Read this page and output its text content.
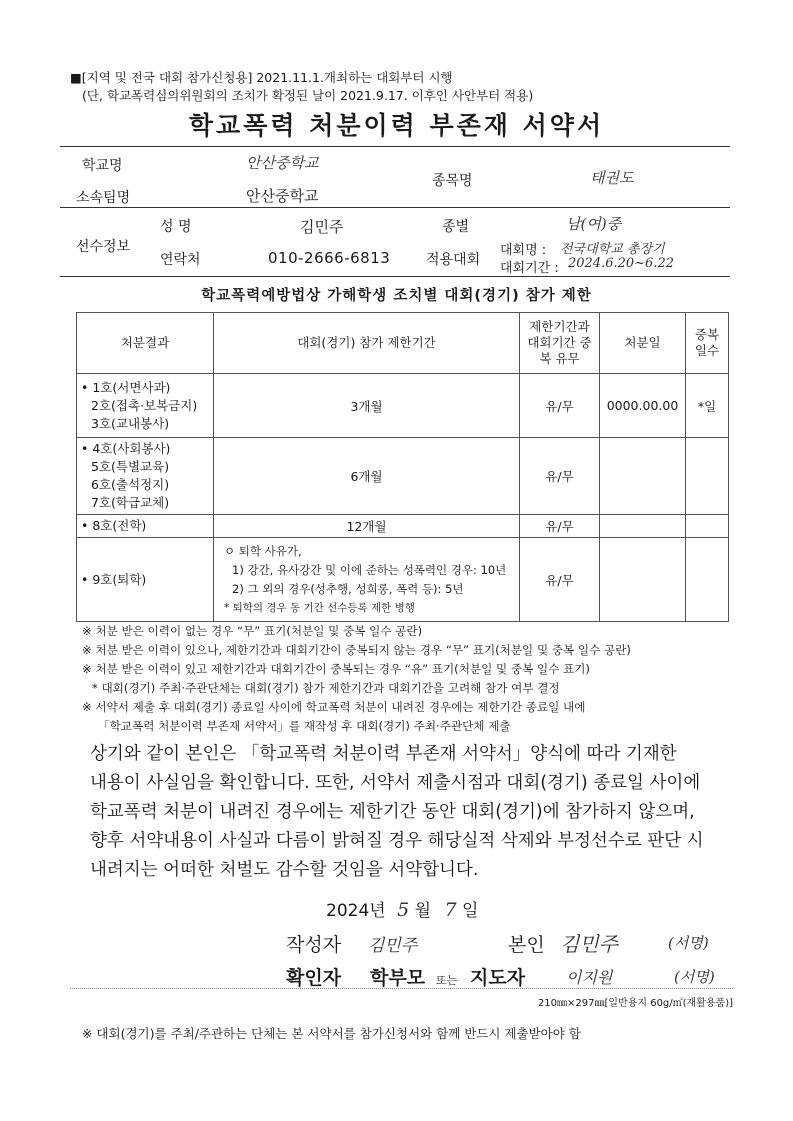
■[지역 및 전국 대회 참가신청용] 2021.11.1.개최하는 대회부터 시행
(단, 학교폭력심의위원회의 조치가 확정된 날이 2021.9.17. 이후인 사안부터 적용)
학교폭력 처분이력 부존재 서약서
학교명	안산중학교
종목명	태권도
소속팀명	안산중학교
선수정보
성 명	김민주	종별	남(여)중
연락처	010-2666-6813	적용대회
대회명 : 전국대학교 총장기
대회기간 : 2024.6.20~6.22
학교폭력예방법상 가해학생 조치별 대회(경기) 참가 제한
처분결과	대회(경기) 참가 제한기간	제한기간과 대회기간 중복 유무	처분일	중복 일수

• 1호(서면사과)
2호(접촉·보복금지)
3호(교내봉사)	3개월	유/무	0000.00.00	*일

• 4호(사회봉사)
5호(특별교육)
6호(출석정지)
7호(학급교체)	6개월	유/무		

• 8호(전학)	12개월	유/무		

• 9호(퇴학)	ㅇ 퇴학 사유가,
1) 강간, 유사강간 및 이에 준하는 성폭력인 경우: 10년
2) 그 외의 경우(성추행, 성희롱, 폭력 등): 5년
* 퇴학의 경우 동 기간 선수등록 제한 병행	유/무		
※ 처분 받은 이력이 없는 경우 “무” 표기(처분일 및 중복 일수 공란)
※ 처분 받은 이력이 있으나, 제한기간과 대회기간이 중복되지 않는 경우 “무” 표기(처분일 및 중복 일수 공란)
※ 처분 받은 이력이 있고 제한기간과 대회기간이 중복되는 경우 “유” 표기(처분일 및 중복 일수 표기)
* 대회(경기) 주최·주관단체는 대회(경기) 참가 제한기간과 대회기간을 고려해 참가 여부 결정
※ 서약서 제출 후 대회(경기) 종료일 사이에 학교폭력 처분이 내려진 경우에는 제한기간 종료일 내에
「학교폭력 처분이력 부존재 서약서」를 재작성 후 대회(경기) 주최·주관단체 제출
상기와 같이 본인은 「학교폭력 처분이력 부존재 서약서」양식에 따라 기재한
내용이 사실임을 확인합니다. 또한, 서약서 제출시점과 대회(경기) 종료일 사이에
학교폭력 처분이 내려진 경우에는 제한기간 동안 대회(경기)에 참가하지 않으며,
향후 서약내용이 사실과 다름이 밝혀질 경우 해당실적 삭제와 부정선수로 판단 시
내려지는 어떠한 처벌도 감수할 것임을 서약합니다.
2024년 5 월 7 일
작성자 김민주	본인 김민주	(서명)
확인자 학부모 또는 지도자	이지원	(서명)
210㎜×297㎜[일반용지 60g/㎡(재활용품)]
※ 대회(경기)를 주최/주관하는 단체는 본 서약서를 참가신청서와 함께 반드시 제출받아야 함
